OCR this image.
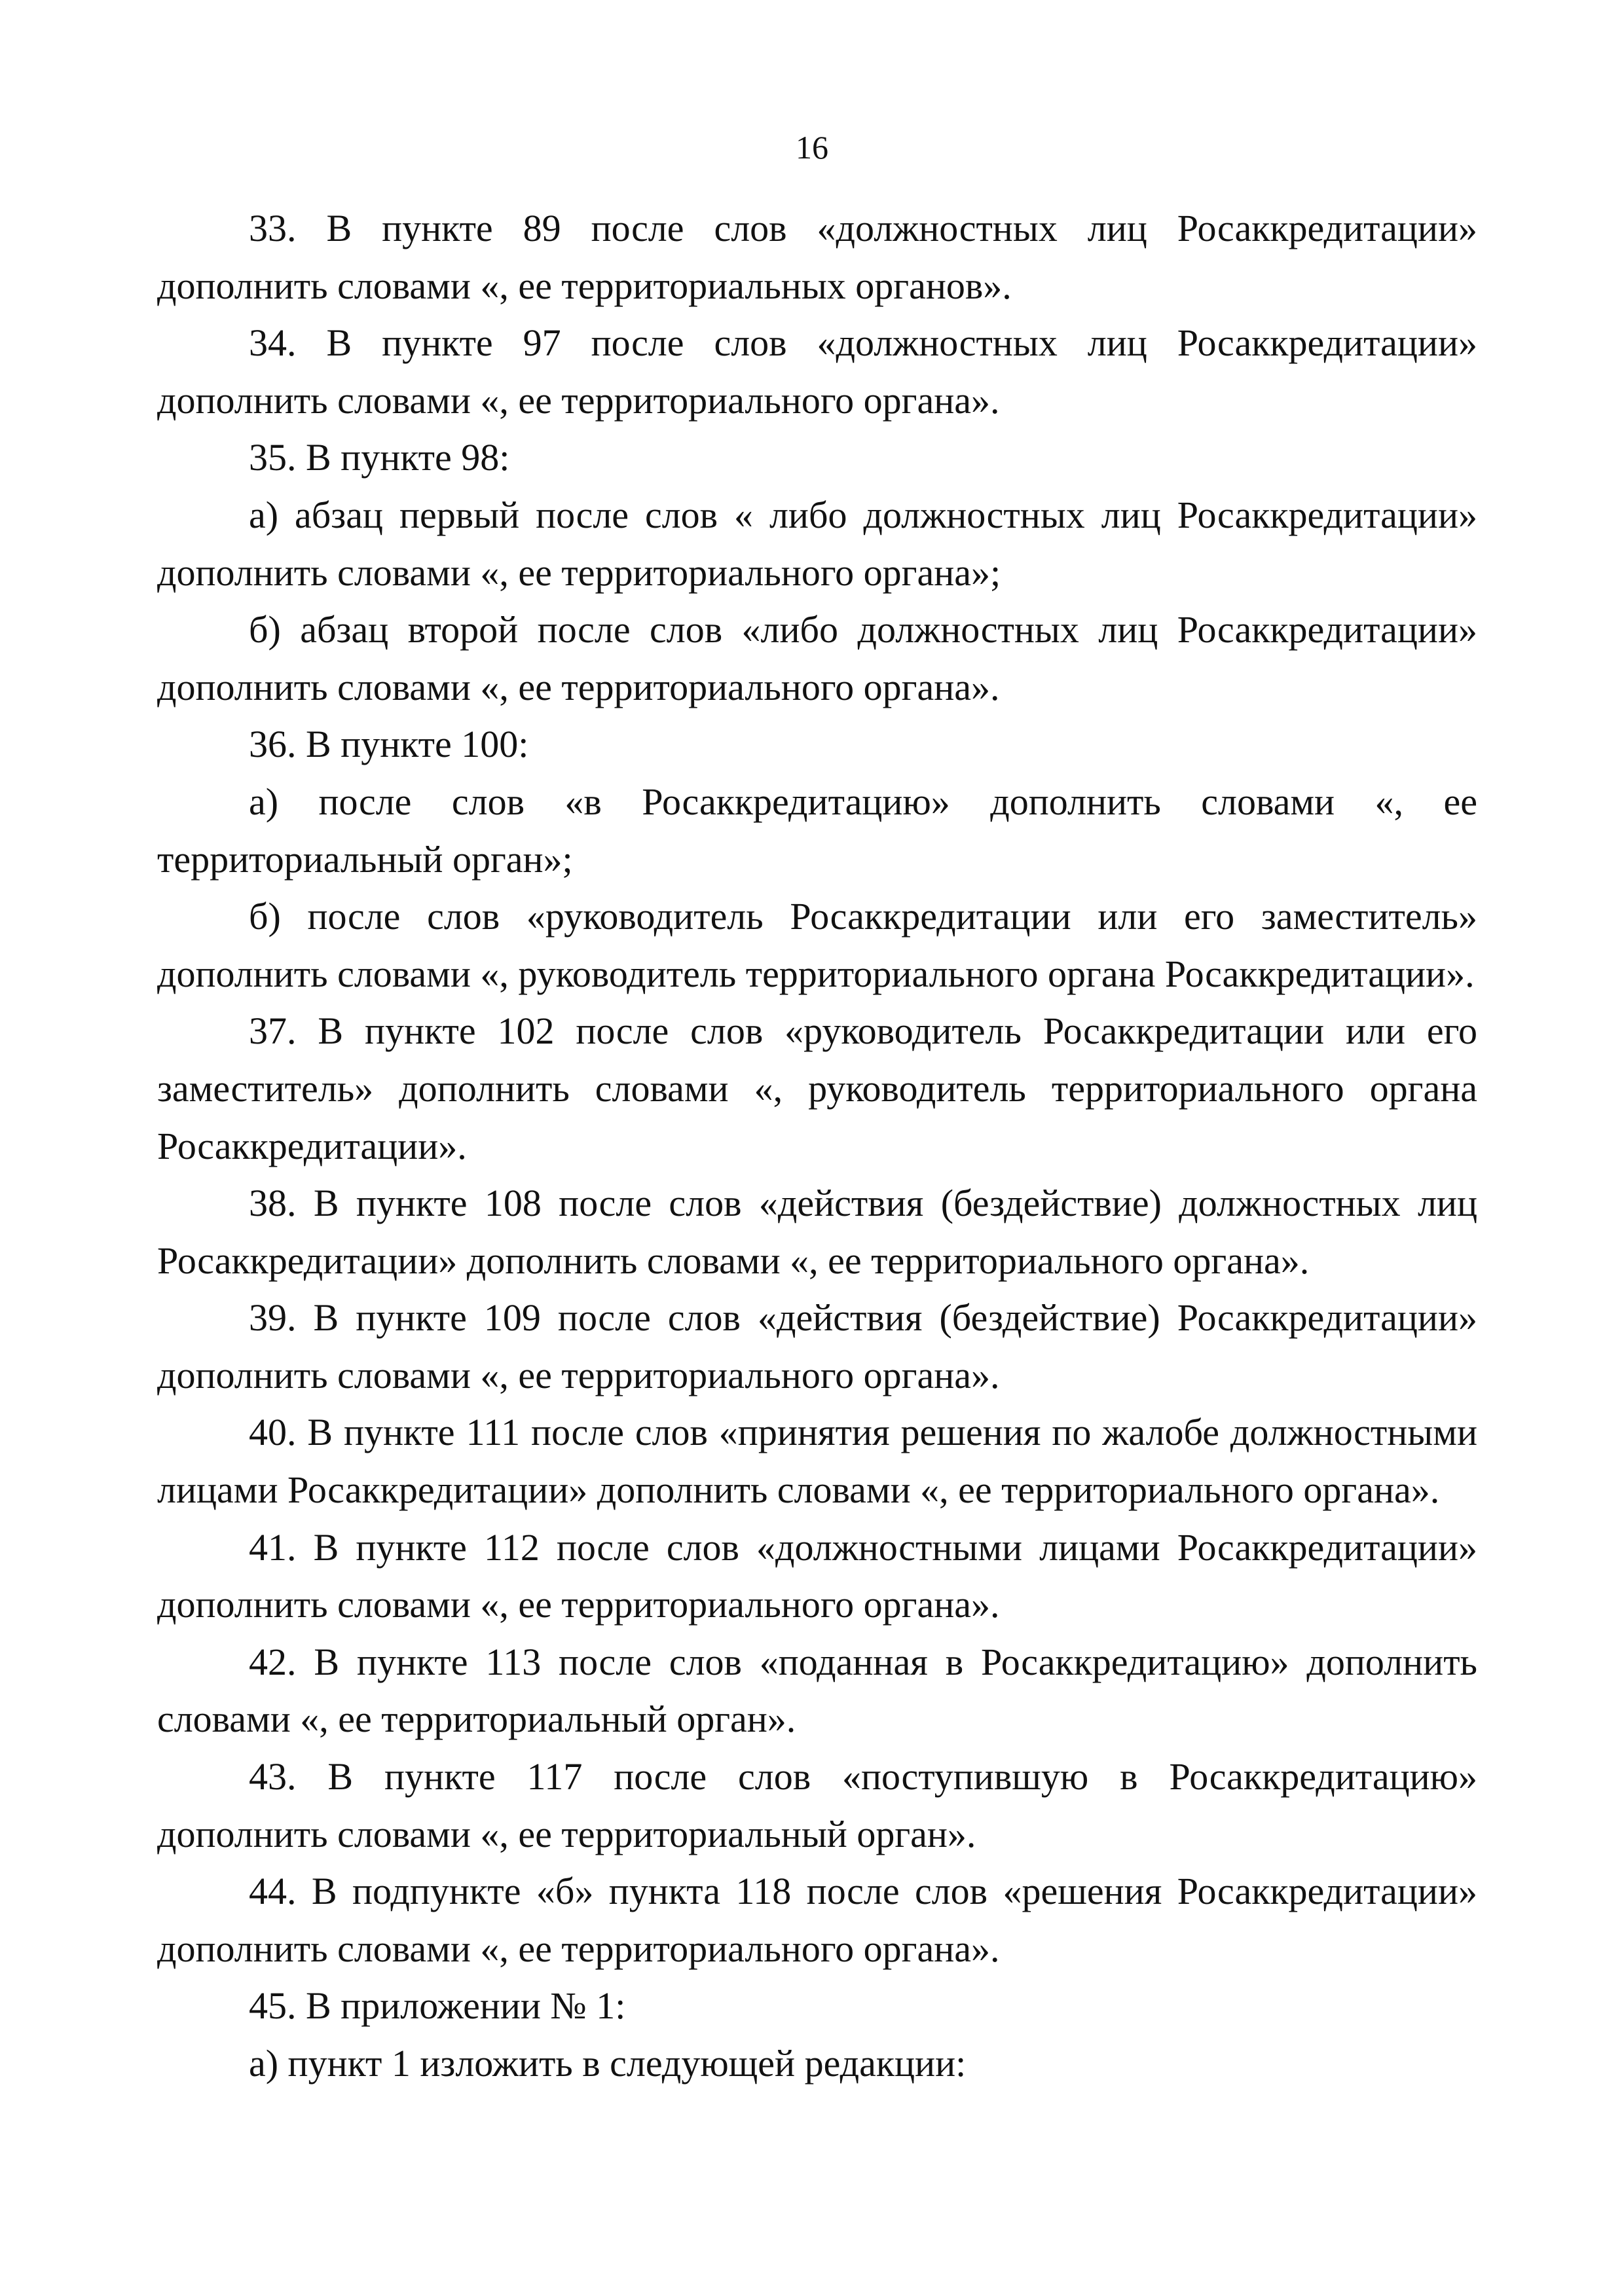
16

33. В пункте 89 после слов «должностных лиц Росаккредитации» дополнить словами «, ее территориальных органов».

34. В пункте 97 после слов «должностных лиц Росаккредитации» дополнить словами «, ее территориального органа».

35. В пункте 98:

а) абзац первый после слов « либо должностных лиц Росаккредитации» дополнить словами «, ее территориального органа»;

б) абзац второй после слов «либо должностных лиц Росаккредитации» дополнить словами «, ее территориального органа».

36. В пункте 100:

а) после слов «в Росаккредитацию» дополнить словами «, ее территориальный орган»;

б) после слов «руководитель Росаккредитации или его заместитель» дополнить словами «, руководитель территориального органа Росаккредитации».

37. В пункте 102 после слов «руководитель Росаккредитации или его заместитель» дополнить словами «, руководитель территориального органа Росаккредитации».

38. В пункте 108 после слов «действия (бездействие) должностных лиц Росаккредитации» дополнить словами «, ее территориального органа».

39. В пункте 109 после слов «действия (бездействие) Росаккредитации» дополнить словами «, ее территориального органа».

40. В пункте 111 после слов «принятия решения по жалобе должностными лицами Росаккредитации» дополнить словами «, ее территориального органа».

41. В пункте 112 после слов «должностными лицами Росаккредитации» дополнить словами «, ее территориального органа».

42. В пункте 113 после слов «поданная в Росаккредитацию» дополнить словами «, ее территориальный орган».

43. В пункте 117 после слов «поступившую в Росаккредитацию» дополнить словами «, ее территориальный орган».

44. В подпункте «б» пункта 118 после слов «решения Росаккредитации» дополнить словами «, ее территориального органа».

45. В приложении № 1:

а) пункт 1 изложить в следующей редакции:
